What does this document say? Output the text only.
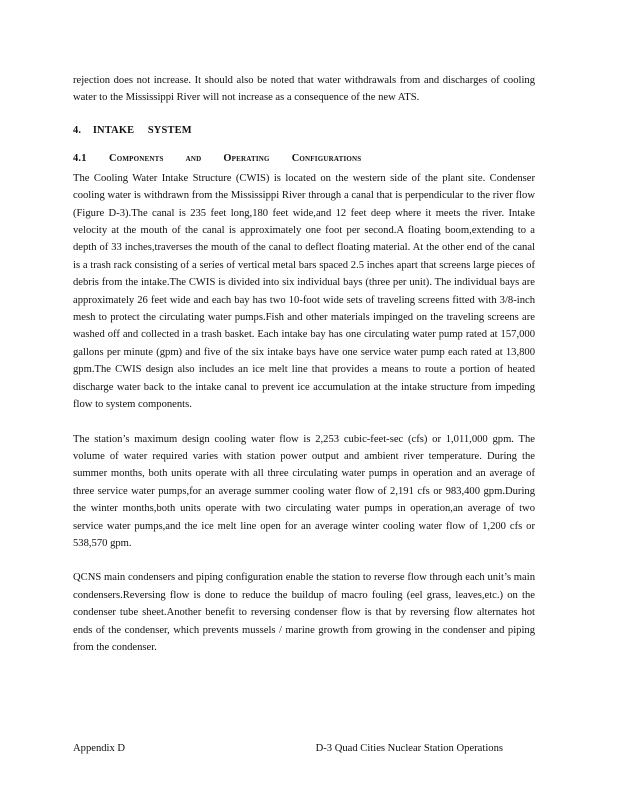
rejection does not increase. It should also be noted that water withdrawals from and discharges of cooling water to the Mississippi River will not increase as a consequence of the new ATS.

4. INTAKE SYSTEM

4.1 Components and Operating Configurations

The Cooling Water Intake Structure (CWIS) is located on the western side of the plant site. Condenser cooling water is withdrawn from the Mississippi River through a canal that is perpendicular to the river flow (Figure D-3).The canal is 235 feet long,180 feet wide,and 12 feet deep where it meets the river. Intake velocity at the mouth of the canal is approximately one foot per second.A floating boom,extending to a depth of 33 inches,traverses the mouth of the canal to deflect floating material. At the other end of the canal is a trash rack consisting of a series of vertical metal bars spaced 2.5 inches apart that screens large pieces of debris from the intake.The CWIS is divided into six individual bays (three per unit). The individual bays are approximately 26 feet wide and each bay has two 10-foot wide sets of traveling screens fitted with 3/8-inch mesh to protect the circulating water pumps.Fish and other materials impinged on the traveling screens are washed off and collected in a trash basket. Each intake bay has one circulating water pump rated at 157,000 gallons per minute (gpm) and five of the six intake bays have one service water pump each rated at 13,800 gpm.The CWIS design also includes an ice melt line that provides a means to route a portion of heated discharge water back to the intake canal to prevent ice accumulation at the intake structure from impeding flow to system components.

The station’s maximum design cooling water flow is 2,253 cubic-feet-sec (cfs) or 1,011,000 gpm. The volume of water required varies with station power output and ambient river temperature. During the summer months, both units operate with all three circulating water pumps in operation and an average of three service water pumps,for an average summer cooling water flow of 2,191 cfs or 983,400 gpm.During the winter months,both units operate with two circulating water pumps in operation,an average of two service water pumps,and the ice melt line open for an average winter cooling water flow of 1,200 cfs or 538,570 gpm.

QCNS main condensers and piping configuration enable the station to reverse flow through each unit’s main condensers.Reversing flow is done to reduce the buildup of macro fouling (eel grass, leaves,etc.) on the condenser tube sheet.Another benefit to reversing condenser flow is that by reversing flow alternates hot ends of the condenser, which prevents mussels / marine growth from growing in the condenser and piping from the condenser.

Appendix D	D-3 Quad Cities Nuclear Station Operations
